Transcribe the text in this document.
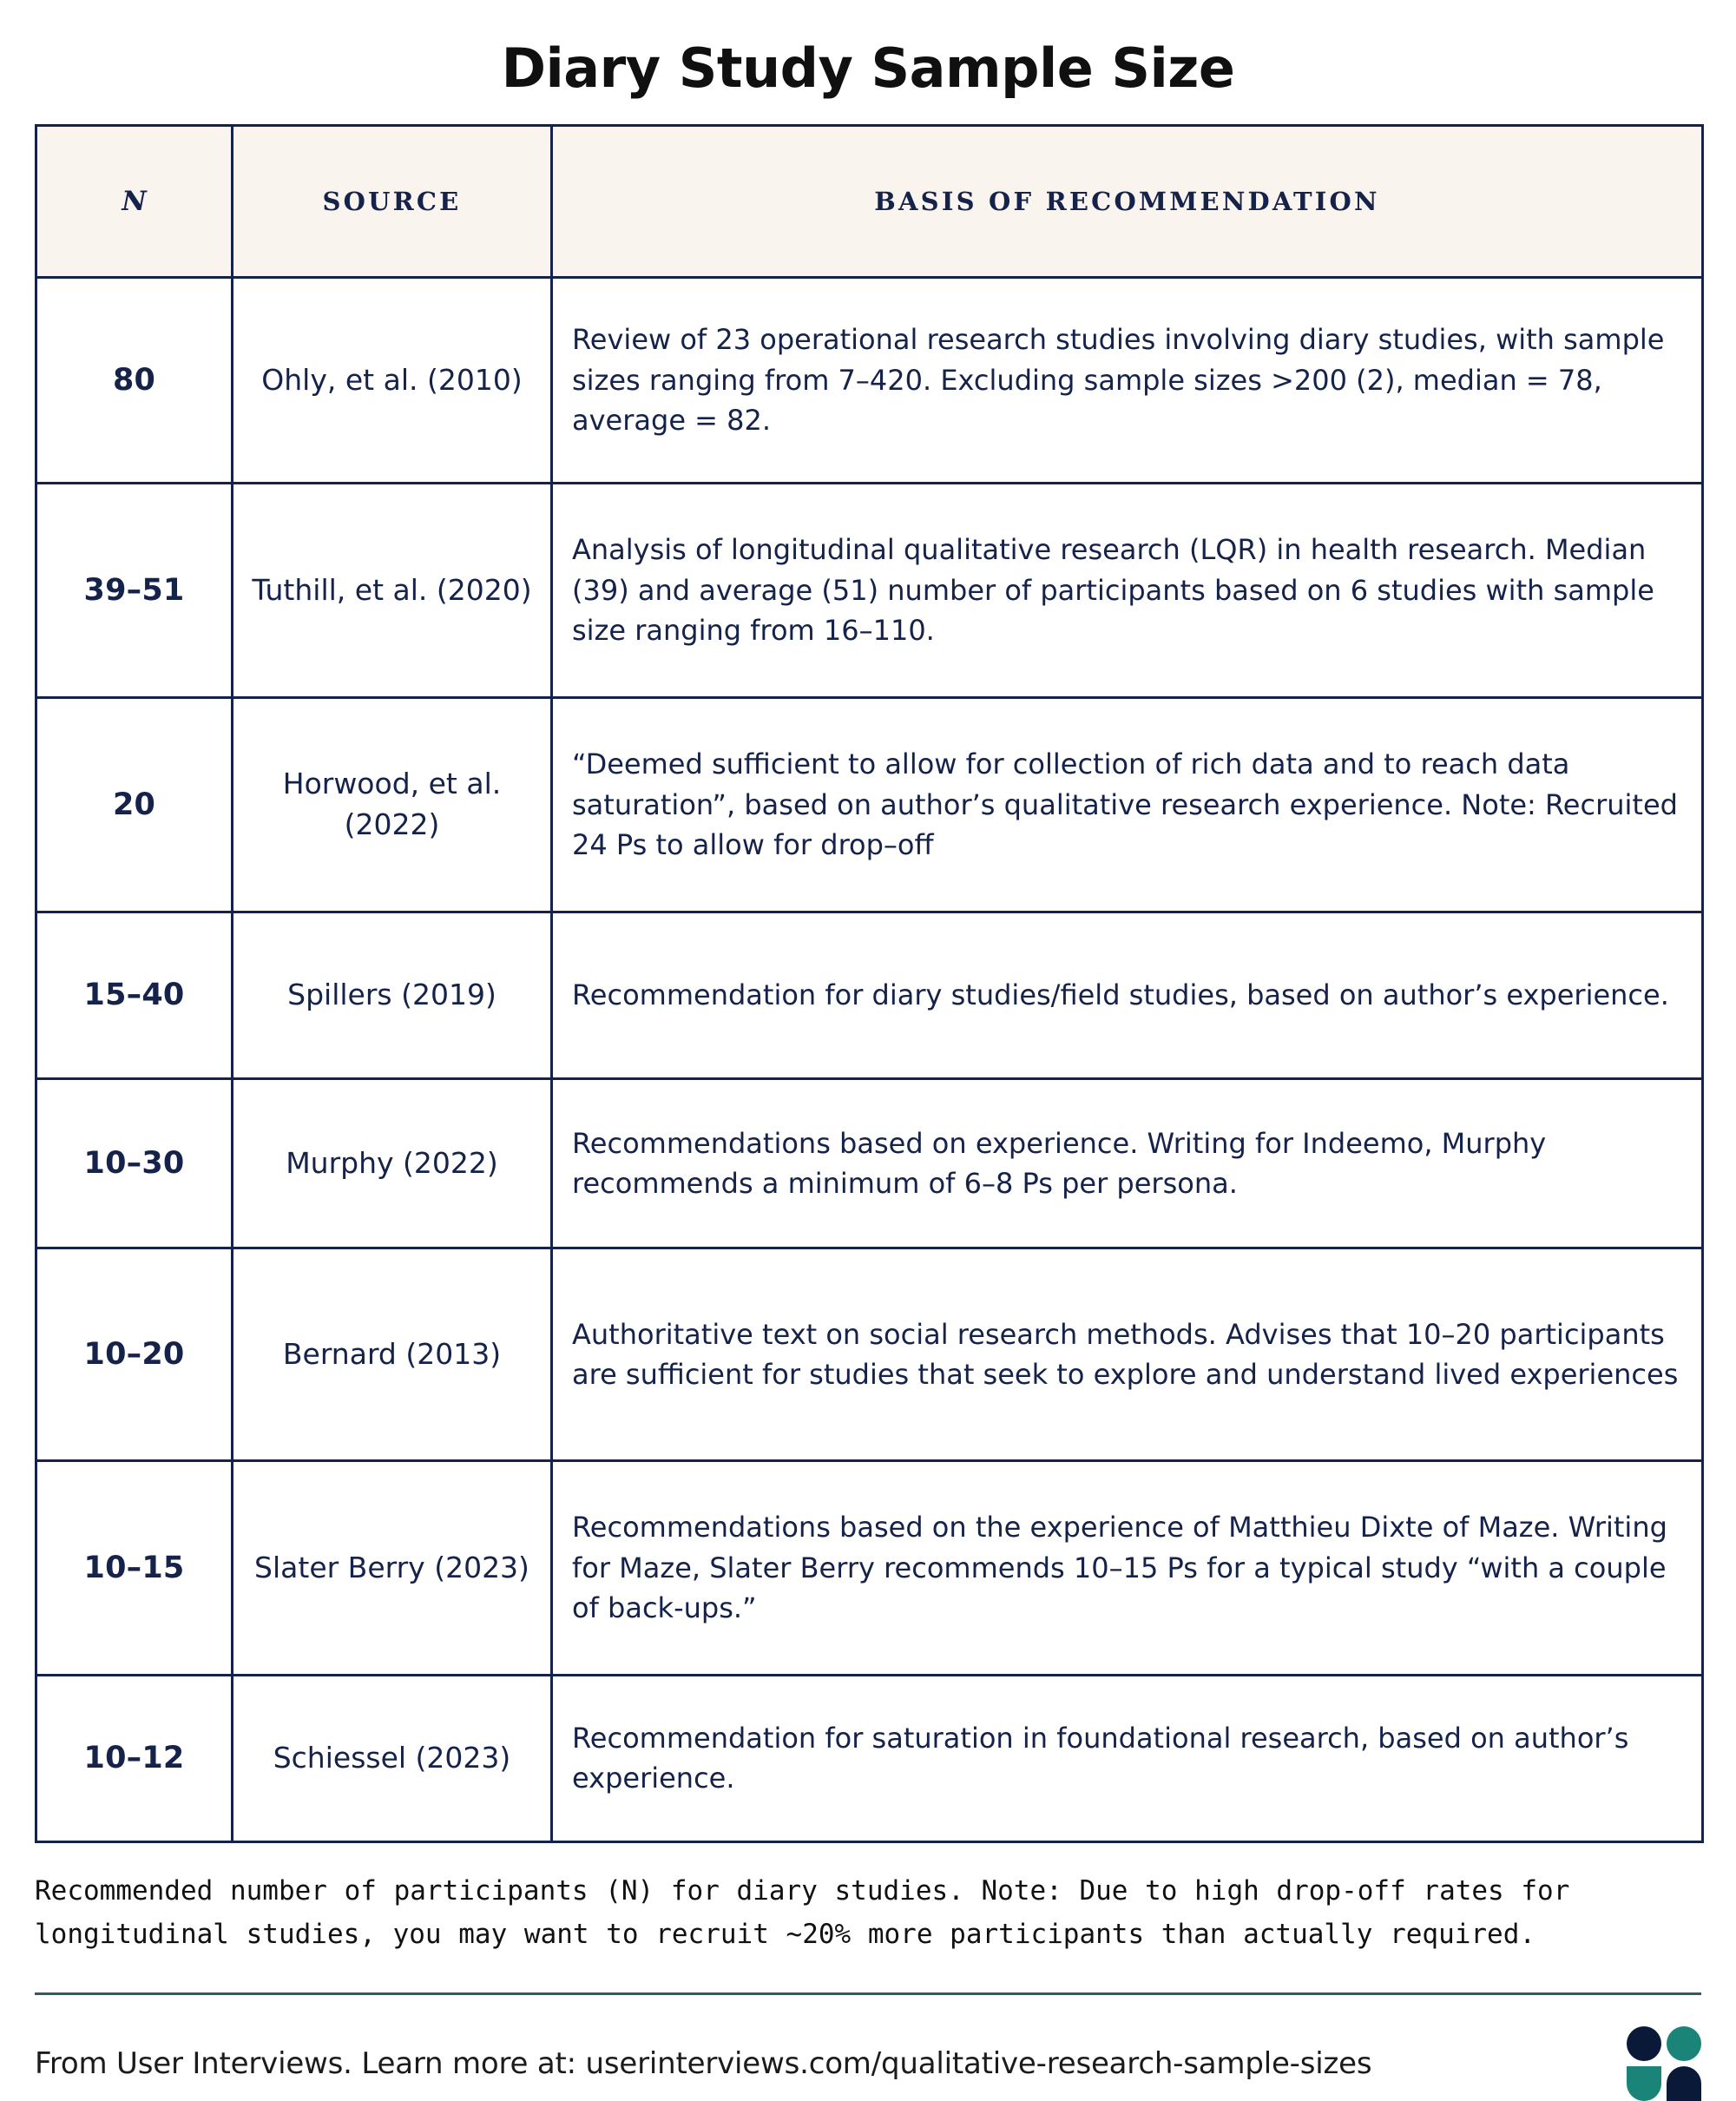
Diary Study Sample Size
N	SOURCE	BASIS OF RECOMMENDATION
80	Ohly, et al. (2010)	Review of 23 operational research studies involving diary studies, with sample sizes ranging from 7–420. Excluding sample sizes >200 (2), median = 78, average = 82.
39–51	Tuthill, et al. (2020)	Analysis of longitudinal qualitative research (LQR) in health research. Median (39) and average (51) number of participants based on 6 studies with sample size ranging from 16–110.
20	Horwood, et al. (2022)	“Deemed sufficient to allow for collection of rich data and to reach data saturation”, based on author’s qualitative research experience. Note: Recruited 24 Ps to allow for drop–off
15–40	Spillers (2019)	Recommendation for diary studies/field studies, based on author’s experience.
10–30	Murphy (2022)	Recommendations based on experience. Writing for Indeemo, Murphy recommends a minimum of 6–8 Ps per persona.
10–20	Bernard (2013)	Authoritative text on social research methods. Advises that 10–20 participants are sufficient for studies that seek to explore and understand lived experiences
10–15	Slater Berry (2023)	Recommendations based on the experience of Matthieu Dixte of Maze. Writing for Maze, Slater Berry recommends 10–15 Ps for a typical study “with a couple of back-ups.”
10–12	Schiessel (2023)	Recommendation for saturation in foundational research, based on author’s experience.

Recommended number of participants (N) for diary studies. Note: Due to high drop-off rates for longitudinal studies, you may want to recruit ~20% more participants than actually required.

From User Interviews. Learn more at: userinterviews.com/qualitative-research-sample-sizes
